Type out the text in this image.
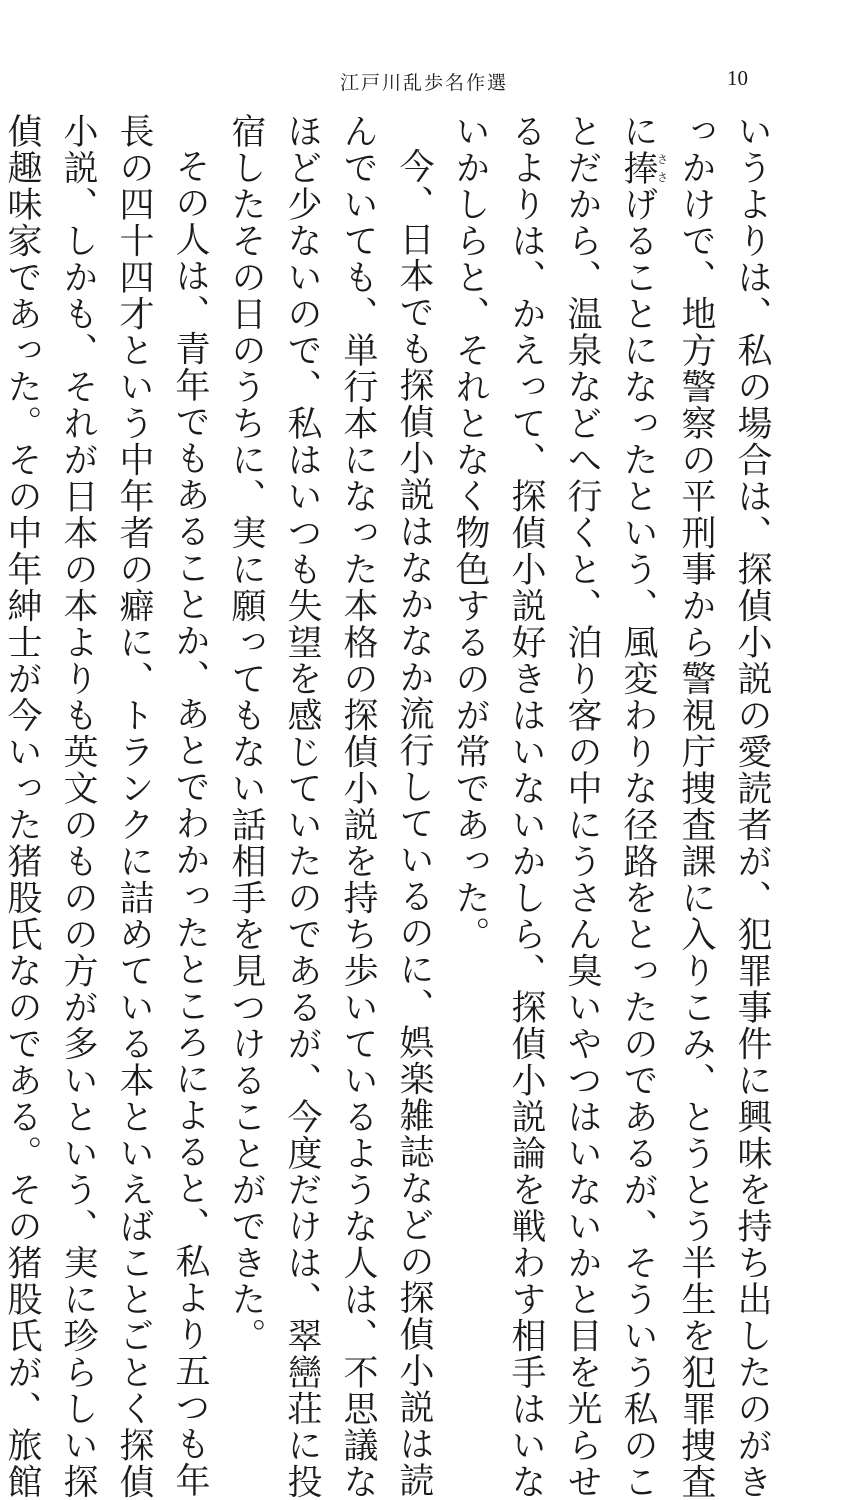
江戸川乱歩名作選	10
いうよりは、私の場合は、探偵小説の愛読者が、犯罪事件に興味を持ち出したのがき
っかけで、地方警察の平刑事から警視庁捜査課に入りこみ、とうとう半生を犯罪捜査
に捧ささげることになったという、風変わりな径路をとったのであるが、そういう私のこ
とだから、温泉などへ行くと、泊り客の中にうさん臭いやつはいないかと目を光らせ
るよりは、かえって、探偵小説好きはいないかしら、探偵小説論を戦わす相手はいな
いかしらと、それとなく物色するのが常であった。
今、日本でも探偵小説はなかなか流行しているのに、娯楽雑誌などの探偵小説は読
んでいても、単行本になった本格の探偵小説を持ち歩いているような人は、不思議な
ほど少ないので、私はいつも失望を感じていたのであるが、今度だけは、翠巒荘に投
宿したその日のうちに、実に願ってもない話相手を見つけることができた。
その人は、青年でもあることか、あとでわかったところによると、私より五つも年
長の四十四才という中年者の癖に、トランクに詰めている本といえばことごとく探偵
小説、しかも、それが日本の本よりも英文のものの方が多いという、実に珍らしい探
偵趣味家であった。その中年紳士が今いった猪股氏なのである。その猪股氏が、旅館
